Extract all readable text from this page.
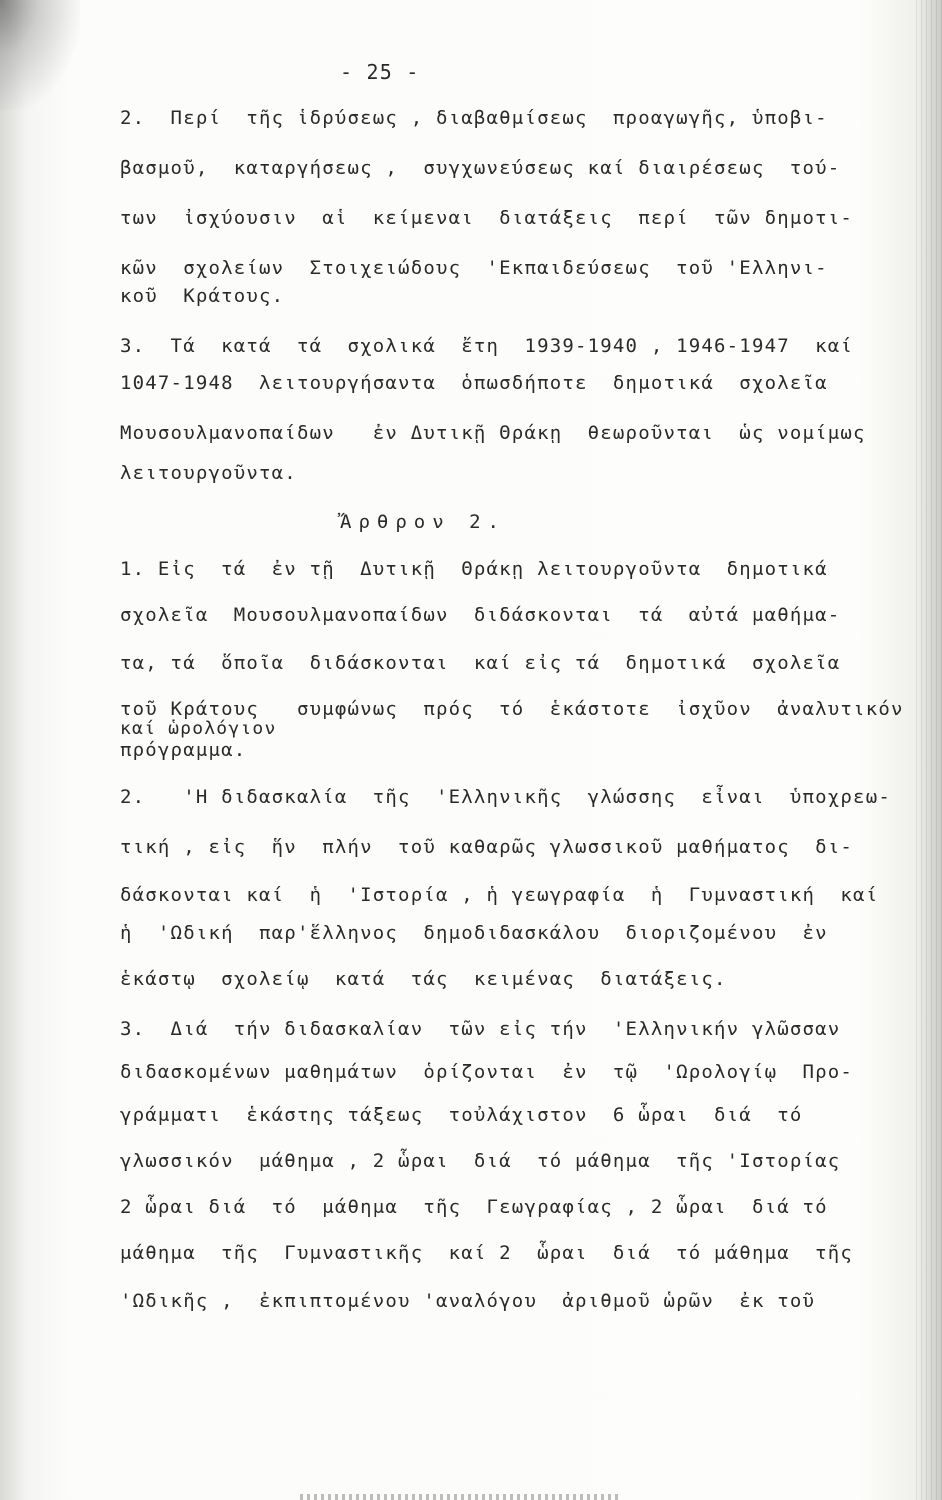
- 25 -
2.  Περί  τῆς ἱδρύσεως , διαβαθμίσεως  προαγωγῆς, ὑποβι-
βασμοῦ,  καταργήσεως ,  συγχωνεύσεως καί διαιρέσεως  τού-
των  ἰσχύουσιν  αἱ  κείμεναι  διατάξεις  περί  τῶν δημοτι-
κῶν  σχολείων  Στοιχειώδους  'Εκπαιδεύσεως  τοῦ 'Ελληνι-
κοῦ  Κράτους.
3.  Τά  κατά  τά  σχολικά  ἔτη  1939-1940 , 1946-1947  καί
1047-1948  λειτουργήσαντα  ὁπωσδήποτε  δημοτικά  σχολεῖα
Μουσουλμανοπαίδων   ἐν Δυτικῇ Θράκῃ  θεωροῦνται  ὡς νομίμως
λειτουργοῦντα.
Ἄρθρον 2.
1. Εἰς  τά  ἐν τῇ  Δυτικῇ  Θράκῃ λειτουργοῦντα  δημοτικά
σχολεῖα  Μουσουλμανοπαίδων  διδάσκονται  τά  αὐτά μαθήμα-
τα, τά  ὅποῖα  διδάσκονται  καί εἰς τά  δημοτικά  σχολεῖα
τοῦ Κράτους   συμφώνως  πρός  τό  ἑκάστοτε  ἰσχῦον  ἀναλυτικόν
καί ὡρολόγιον
πρόγραμμα.
2.   'Η διδασκαλία  τῆς  'Ελληνικῆς  γλώσσης  εἶναι  ὑποχρεω-
τική , εἰς  ἥν  πλήν  τοῦ καθαρῶς γλωσσικοῦ μαθήματος  δι-
δάσκονται καί  ἡ  'Ιστορία , ἡ γεωγραφία  ἡ  Γυμναστική  καί
ἡ  'Ωδική  παρ'ἕλληνος  δημοδιδασκάλου  διοριζομένου  ἐν
ἑκάστῳ  σχολείῳ  κατά  τάς  κειμένας  διατάξεις.
3.  Διά  τήν διδασκαλίαν  τῶν εἰς τήν  'Ελληνικήν γλῶσσαν
διδασκομένων μαθημάτων  ὁρίζονται  ἐν  τῷ  'Ωρολογίῳ  Προ-
γράμματι  ἑκάστης τάξεως  τοὐλάχιστον  6 ὧραι  διά  τό
γλωσσικόν  μάθημα , 2 ὧραι  διά  τό μάθημα  τῆς 'Ιστορίας
2 ὧραι διά  τό  μάθημα  τῆς  Γεωγραφίας , 2 ὧραι  διά τό
μάθημα  τῆς  Γυμναστικῆς  καί 2  ὧραι  διά  τό μάθημα  τῆς
'Ωδικῆς ,  ἐκπιπτομένου 'αναλόγου  ἀριθμοῦ ὡρῶν  ἐκ τοῦ
